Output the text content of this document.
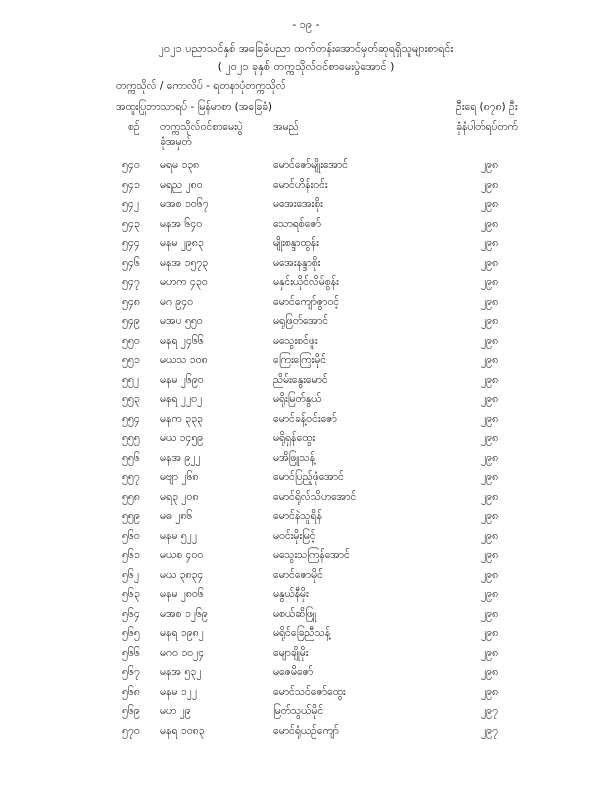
- ၁၉ -
၂၀၂၁ ပညာသင်နှစ် အခြေခံပညာ ထက်တန်းအောင်မှတ်ဆုရရှိသူများစာရင်း
( ၂၀၂၁ ခုနှစ် တက္ကသိုလ်ဝင်စာမေးပွဲအောင် )
တက္ကသိုလ် / ကောလိပ် - ရတနာပုံတက္ကသိုလ်
အထူးပြုဘာသာရပ် - မြန်မာစာ (အခြေခံ)	ဦးရေ (၈၇၈) ဦး
စဉ် တက္ကသိုလ်ဝင်စာမေးပွဲ
ခုံအမှတ်
အမည်	ခုံနံပါတ်ရပ်တက်
၅၄၀ မရမ ၁၃၈	မောင်ဇော်မျိုးအောင်	၂၉၈
၅၄၁ မရည ၂၈၀	မောင်ဟိန်းဝင်း	၂၉၈
၅၄၂ မအစ ၁၀၆၇	မအေးအေးစိုး	၂၉၈
၅၄၃ မနအ ၆၄၀	သောရစ်ဇော်	၂၉၈
၅၄၄ မနမ ၂၉၈၃	မျိုးစန္ဒာထွန်း	၂၉၈
၅၄၆ မနအ ၁၅၇၃	မအေးနန္ဒာစိုး	၂၉၈
၅၄၇ မဟက ၄၃၀	မနှင်းယိုင်လိမ်စွန်း	၂၉၈
၅၄၈ မဂ ၉၄၀	မောင်ကျော်ဇွာဝင့်	၂၉၈
၅၄၉ မအပ ၅၅၀	မရုဖြတ်အောင်	၂၉၈
၅၅၀ မနရ ၂၄၆၆	မသွေးစင်ဖူး	၂၉၈
၅၅၁ မယသ ၁၀၈	ကြေးကြေးမိုင်	၂၉၈
၅၅၂ မနမ ၂၆၉၀	ညိမ်းနွေးမောင်	၂၉၈
၅၅၃ မနရ ၂၂၀၂	မရိုးမြတ်နွယ်	၂၉၈
၅၅၄ မနက ၃၃၃	မောင်ခန့်ဝင်းဇော်	၂၉၈
၅၅၅ မယ ၁၄၅၉	မရိုရှန်ထွေး	၂၉၈
၅၅၆ မနအ ၉၂၂	မအိဖြူသန့်	၂၉၈
၅၅၇ မဗျာ ၂၆၈	မောင်ပြည့်ဖုံအောင်	၂၉၈
၅၅၈ မရ၃ ၂၀၈	မောင်ရိုလ်သိဟအောင်	၂၉၈
၅၅၉ မဓ ၂၈၆	မောင်နဲသူရိန်	၂၉၈
၅၆၀ မနမ ၅၂၂	မဝင်းမိုးမြင့်	၂၉၈
၅၆၁ မယစ ၄၀၀	မသွေးသကြန်အောင်	၂၉၈
၅၆၂ မယ ၃၈၃၄	မောင်ဇောမိုင်	၂၉၈
၅၆၃ မနမ ၂၈၀၆	မနွယ်နီမိုး	၂၉၈
၅၆၄ မအစ ၁၂၆၉	မစယ်ဆိဖြူ	၂၉၈
၅၆၅ မနရ ၁၉၈၂	မရိုင်ခြေညီသန့်	၂၉၈
၅၆၆ မဂ၀ ၁၀၂၄	မျောချိုမိုး	၂၉၈
၅၆၇ မနအ ၅၃၂	မဇေမိဇော်	၂၉၈
၅၆၈ မနမ ၁၂၂	မောင်သင်ဇော်ထွေး	၂၉၈
၅၆၉ မဟ ၂၉	မြတ်သွယ်မိုင်	၂၉၇
၅၇၀ မနရ ၁၀၈၃	မောင်ရုံယဉ်ကျော်	၂၉၇
